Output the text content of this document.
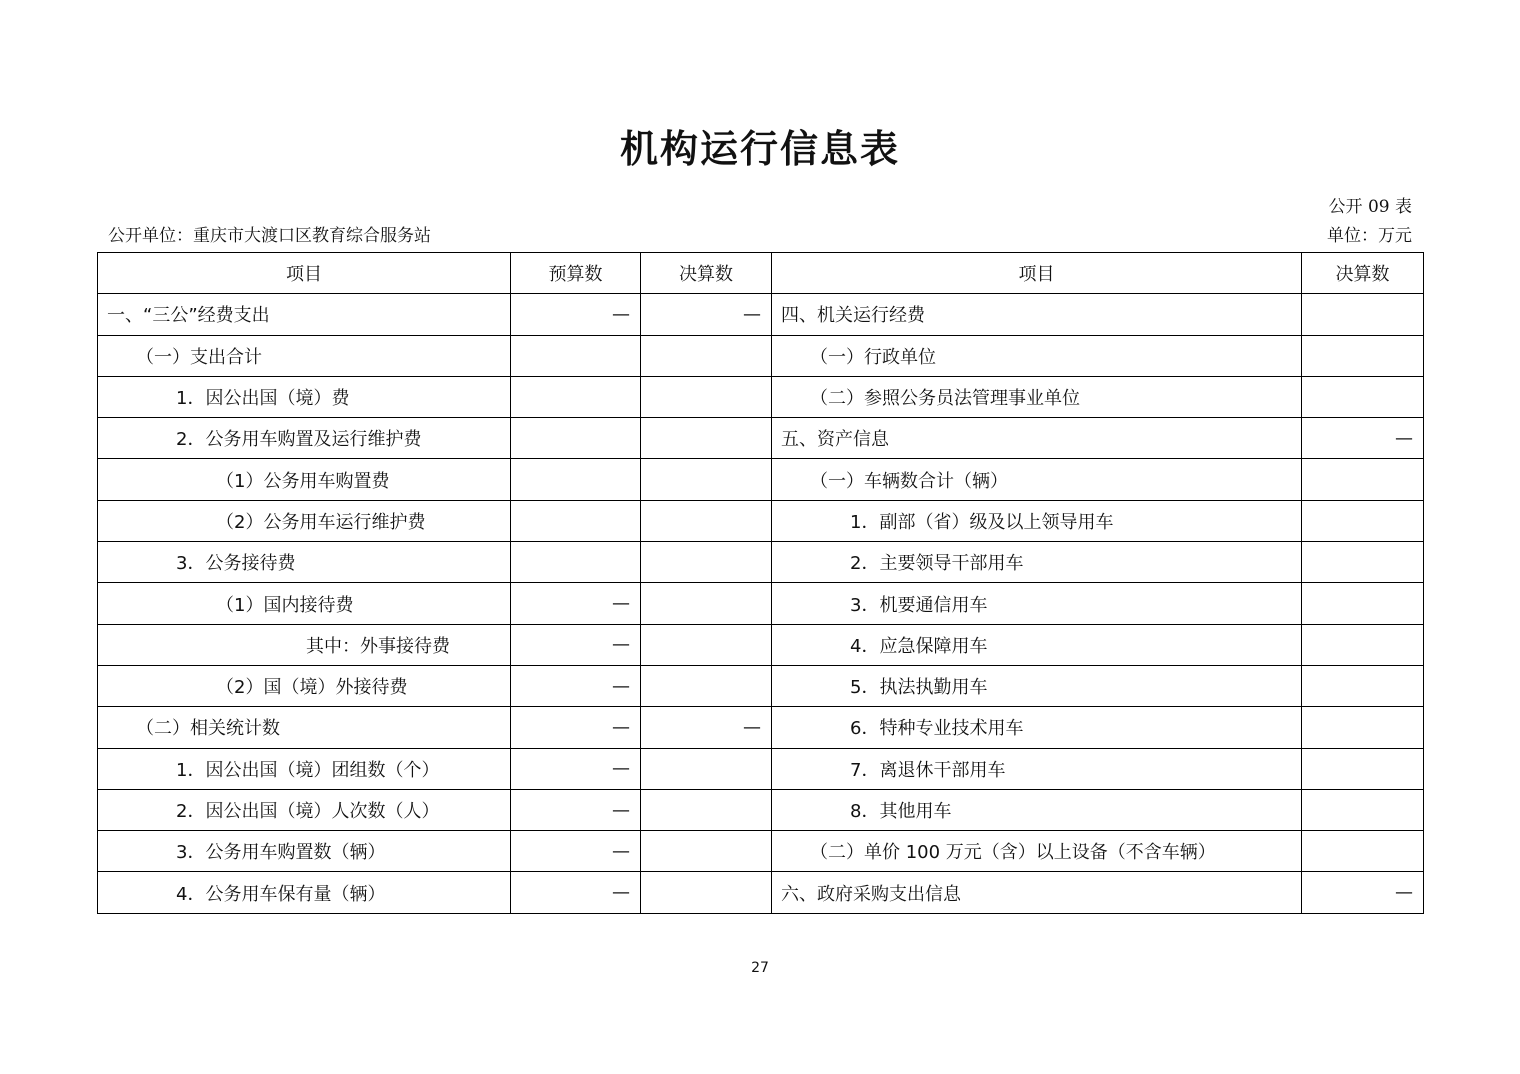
机构运行信息表
公开 09 表
公开单位：重庆市大渡口区教育综合服务站	单位：万元
项目	预算数	决算数	项目	决算数
一、“三公”经费支出	—	—	四、机关运行经费	
（一）支出合计			（一）行政单位	
1．因公出国（境）费			（二）参照公务员法管理事业单位	
2．公务用车购置及运行维护费			五、资产信息	—
（1）公务用车购置费			（一）车辆数合计（辆）	
（2）公务用车运行维护费			1．副部（省）级及以上领导用车	
3．公务接待费			2．主要领导干部用车	
（1）国内接待费	—		3．机要通信用车	
其中：外事接待费	—		4．应急保障用车	
（2）国（境）外接待费	—		5．执法执勤用车	
（二）相关统计数	—	—	6．特种专业技术用车	
1．因公出国（境）团组数（个）	—		7．离退休干部用车	
2．因公出国（境）人次数（人）	—		8．其他用车	
3．公务用车购置数（辆）	—		（二）单价 100 万元（含）以上设备（不含车辆）	
4．公务用车保有量（辆）	—		六、政府采购支出信息	—
27
